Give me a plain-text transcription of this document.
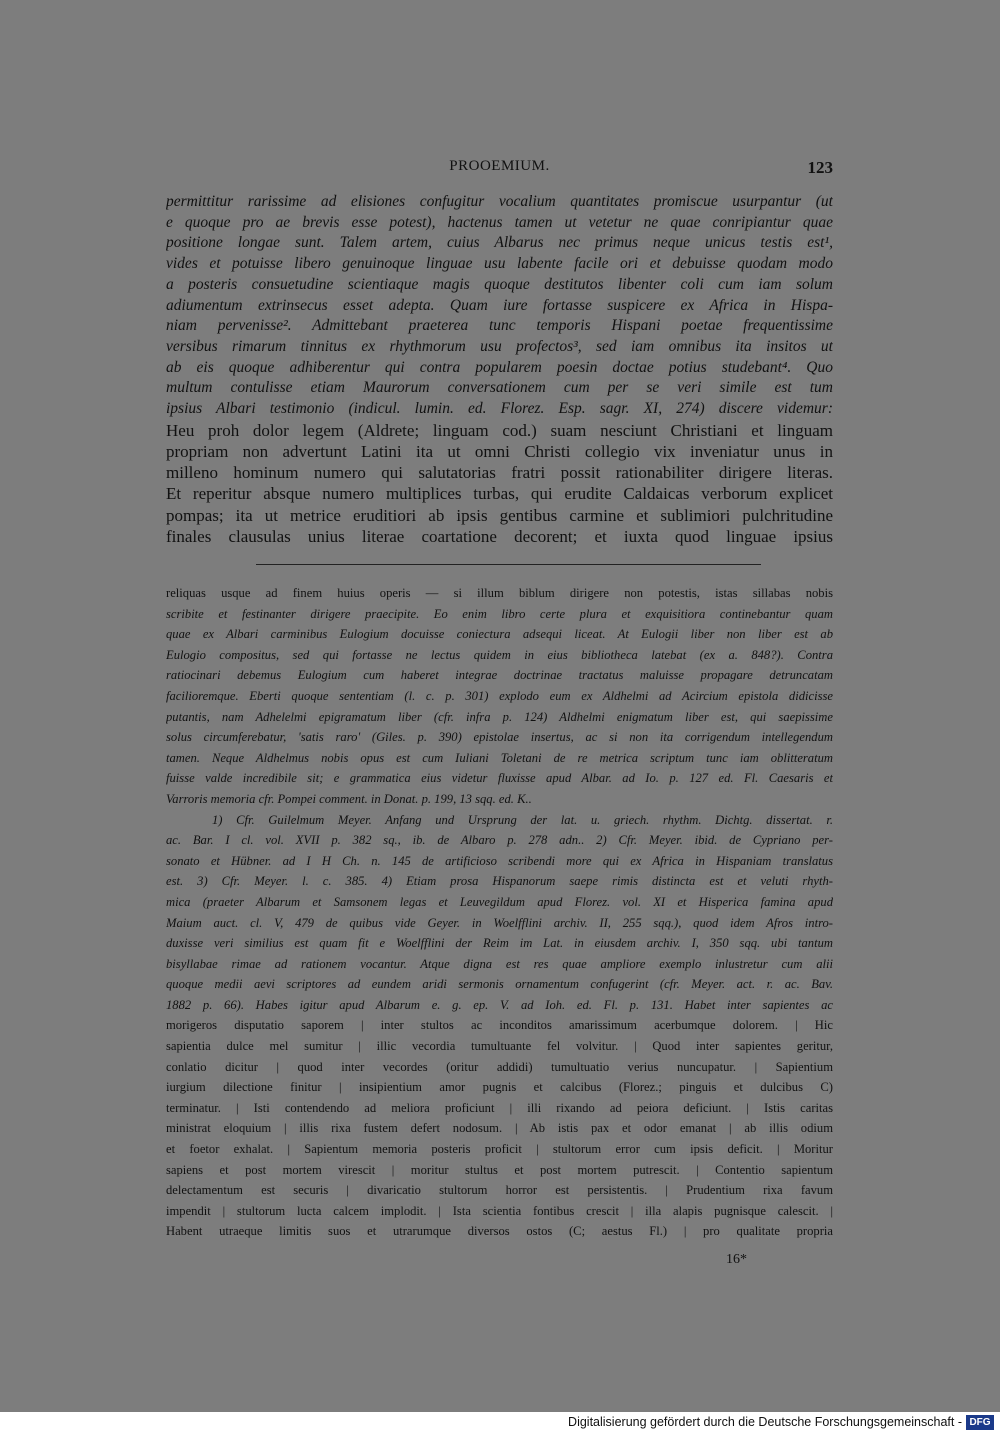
PROOEMIUM.	123
permittitur rarissime ad elisiones confugitur vocalium quantitates promiscue usurpantur (ut
e quoque pro ae brevis esse potest), hactenus tamen ut vetetur ne quae conripiantur quae
positione longae sunt. Talem artem, cuius Albarus nec primus neque unicus testis est¹,
vides et potuisse libero genuinoque linguae usu labente facile ori et debuisse quodam modo
a posteris consuetudine scientiaque magis quoque destitutos libenter coli cum iam solum
adiumentum extrinsecus esset adepta. Quam iure fortasse suspicere ex Africa in Hispa-
niam pervenisse². Admittebant praeterea tunc temporis Hispani poetae frequentissime
versibus rimarum tinnitus ex rhythmorum usu profectos³, sed iam omnibus ita insitos ut
ab eis quoque adhiberentur qui contra popularem poesin doctae potius studebant⁴. Quo
multum contulisse etiam Maurorum conversationem cum per se veri simile est tum
ipsius Albari testimonio (indicul. lumin. ed. Florez. Esp. sagr. XI, 274) discere videmur:
Heu proh dolor legem (Aldrete; linguam cod.) suam nesciunt Christiani et linguam
propriam non advertunt Latini ita ut omni Christi collegio vix inveniatur unus in
milleno hominum numero qui salutatorias fratri possit rationabiliter dirigere literas.
Et reperitur absque numero multiplices turbas, qui erudite Caldaicas verborum explicet
pompas; ita ut metrice eruditiori ab ipsis gentibus carmine et sublimiori pulchritudine
finales clausulas unius literae coartatione decorent; et iuxta quod linguae ipsius
reliquas usque ad finem huius operis — si illum biblum dirigere non potestis, istas sillabas nobis
scribite et festinanter dirigere praecipite. Eo enim libro certe plura et exquisitiora continebantur quam
quae ex Albari carminibus Eulogium docuisse coniectura adsequi liceat. At Eulogii liber non liber est ab
Eulogio compositus, sed qui fortasse ne lectus quidem in eius bibliotheca latebat (ex a. 848?). Contra
ratiocinari debemus Eulogium cum haberet integrae doctrinae tractatus maluisse propagare detruncatam
facilioremque. Eberti quoque sententiam (l. c. p. 301) explodo eum ex Aldhelmi ad Acircium epistola didicisse
putantis, nam Adhelelmi epigramatum liber (cfr. infra p. 124) Aldhelmi enigmatum liber est, qui saepissime
solus circumferebatur, 'satis raro' (Giles. p. 390) epistolae insertus, ac si non ita corrigendum intellegendum
tamen. Neque Aldhelmus nobis opus est cum Iuliani Toletani de re metrica scriptum tunc iam oblitteratum
fuisse valde incredibile sit; e grammatica eius videtur fluxisse apud Albar. ad Io. p. 127 ed. Fl. Caesaris et
Varroris memoria cfr. Pompei comment. in Donat. p. 199, 13 sqq. ed. K..
1) Cfr. Guilelmum Meyer. Anfang und Ursprung der lat. u. griech. rhythm. Dichtg. dissertat. r.
ac. Bar. I cl. vol. XVII p. 382 sq., ib. de Albaro p. 278 adn.. 2) Cfr. Meyer. ibid. de Cypriano per-
sonato et Hübner. ad I H Ch. n. 145 de artificioso scribendi more qui ex Africa in Hispaniam translatus
est. 3) Cfr. Meyer. l. c. 385. 4) Etiam prosa Hispanorum saepe rimis distincta est et veluti rhyth-
mica (praeter Albarum et Samsonem legas et Leuvegildum apud Florez. vol. XI et Hisperica famina apud
Maium auct. cl. V, 479 de quibus vide Geyer. in Woelfflini archiv. II, 255 sqq.), quod idem Afros intro-
duxisse veri similius est quam fit e Woelfflini der Reim im Lat. in eiusdem archiv. I, 350 sqq. ubi tantum
bisyllabae rimae ad rationem vocantur. Atque digna est res quae ampliore exemplo inlustretur cum alii
quoque medii aevi scriptores ad eundem aridi sermonis ornamentum confugerint (cfr. Meyer. act. r. ac. Bav.
1882 p. 66). Habes igitur apud Albarum e. g. ep. V. ad Ioh. ed. Fl. p. 131. Habet inter sapientes ac
morigeros disputatio saporem | inter stultos ac inconditos amarissimum acerbumque dolorem. | Hic
sapientia dulce mel sumitur | illic vecordia tumultuante fel volvitur. | Quod inter sapientes geritur,
conlatio dicitur | quod inter vecordes (oritur addidi) tumultuatio verius nuncupatur. | Sapientium
iurgium dilectione finitur | insipientium amor pugnis et calcibus (Florez.; pinguis et dulcibus C)
terminatur. | Isti contendendo ad meliora proficiunt | illi rixando ad peiora deficiunt. | Istis caritas
ministrat eloquium | illis rixa fustem defert nodosum. | Ab istis pax et odor emanat | ab illis odium
et foetor exhalat. | Sapientum memoria posteris proficit | stultorum error cum ipsis deficit. | Moritur
sapiens et post mortem virescit | moritur stultus et post mortem putrescit. | Contentio sapientum
delectamentum est securis | divaricatio stultorum horror est persistentis. | Prudentium rixa favum
impendit | stultorum lucta calcem implodit. | Ista scientia fontibus crescit | illa alapis pugnisque calescit. |
Habent utraeque limitis suos et utrarumque diversos ostos (C; aestus Fl.) | pro qualitate propria
16*
Digitalisierung gefördert durch die Deutsche Forschungsgemeinschaft - DFG
